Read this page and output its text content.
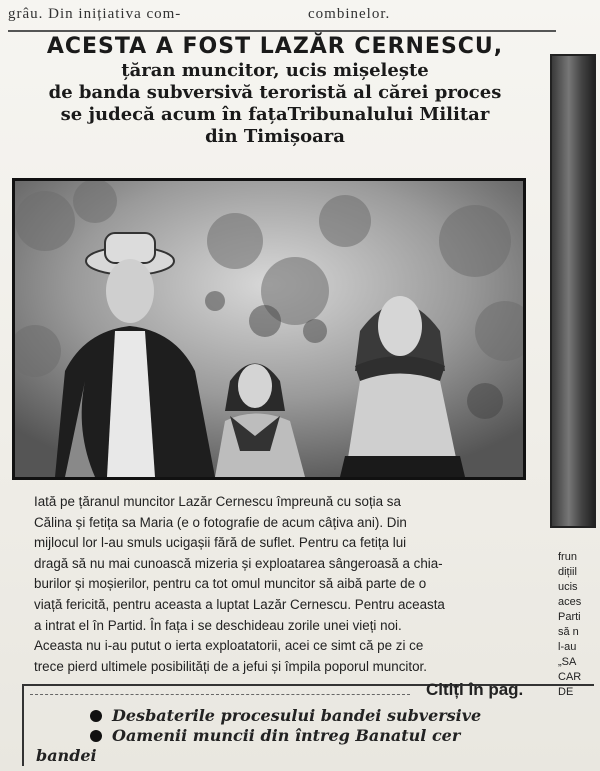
grâu. Din inițiativa com-	combinelor.
ACESTA A FOST LAZĂR CERNESCU,
țăran muncitor, ucis mișelește
de banda subversivă teroristă al cărei proces
se judecă acum în fațaTribunalului Militar
din Timișoara
Iată pe țăranul muncitor Lazăr Cernescu împreună cu soția sa
Călina și fetița sa Maria (e o fotografie de acum câțiva ani). Din
mijlocul lor l-au smuls ucigașii fără de suflet. Pentru ca fetița lui
dragă să nu mai cunoască mizeria și exploatarea sângeroasă a chia-
burilor și moșierilor, pentru ca tot omul muncitor să aibă parte de o
viață fericită, pentru aceasta a luptat Lazăr Cernescu. Pentru aceasta
a intrat el în Partid. În fața i se deschideau zorile unei vieți noi.
Aceasta nu i-au putut o ierta exploatatorii, acei ce simt că pe zi ce
trece pierd ultimele posibilități de a jefui și împila poporul muncitor.
frun
dițiil
ucis
aces
Parti
să n
l-au
„SA
CAR
DE
Citiți în pag.
Desbaterile procesului bandei subversive
Oamenii muncii din întreg Banatul cer
bandei
